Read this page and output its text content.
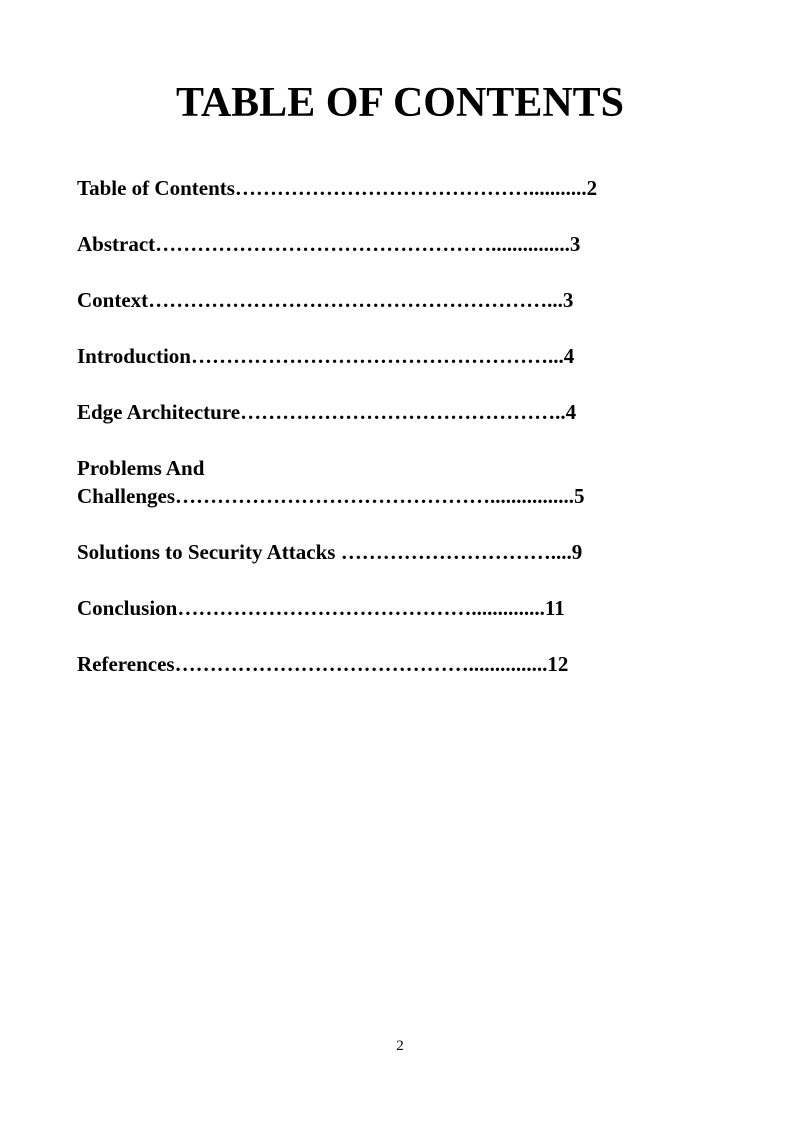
TABLE OF CONTENTS
Table of Contents……………………………………...........2
Abstract…………………………………………...............3
Context…………………………………………………...3
Introduction……………………………………………...4
Edge Architecture………………………………………..4
Problems And
Challenges………………………………………................5
Solutions to Security Attacks …………………………....9
Conclusion……………………………………..............11
References……………………………………...............12
2
